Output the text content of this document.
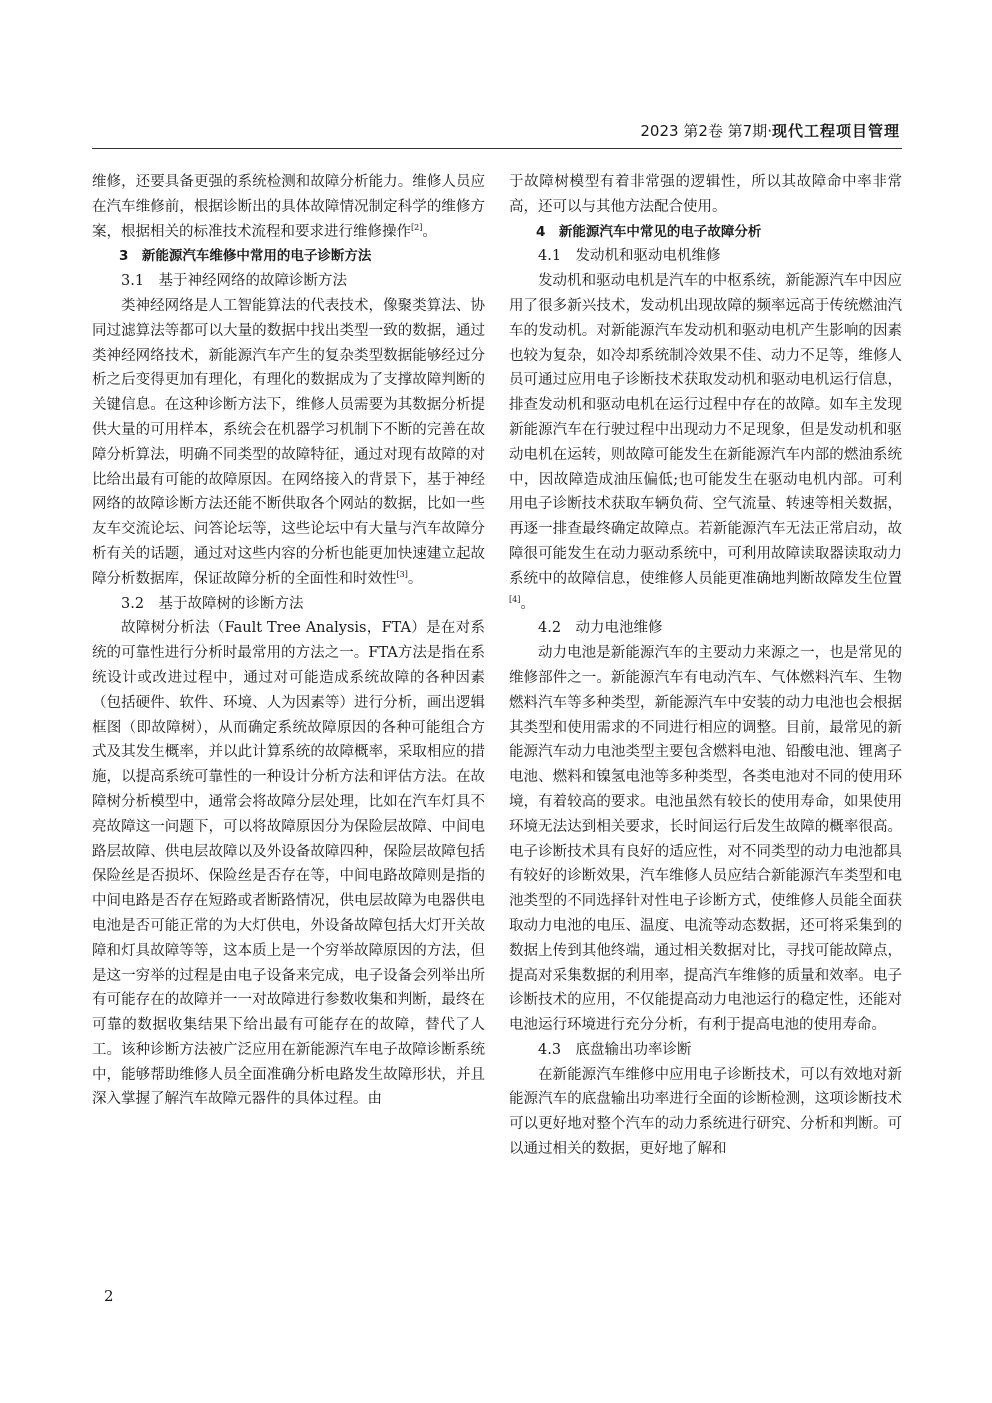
2023 第2卷 第7期·现代工程项目管理

维修，还要具备更强的系统检测和故障分析能力。维修人员应在汽车维修前，根据诊断出的具体故障情况制定科学的维修方案，根据相关的标准技术流程和要求进行维修操作[2]。

3　新能源汽车维修中常用的电子诊断方法
3.1　基于神经网络的故障诊断方法

类神经网络是人工智能算法的代表技术，像聚类算法、协同过滤算法等都可以大量的数据中找出类型一致的数据，通过类神经网络技术，新能源汽车产生的复杂类型数据能够经过分析之后变得更加有理化，有理化的数据成为了支撑故障判断的关键信息。在这种诊断方法下，维修人员需要为其数据分析提供大量的可用样本，系统会在机器学习机制下不断的完善在故障分析算法，明确不同类型的故障特征，通过对现有故障的对比给出最有可能的故障原因。在网络接入的背景下，基于神经网络的故障诊断方法还能不断供取各个网站的数据，比如一些友车交流论坛、问答论坛等，这些论坛中有大量与汽车故障分析有关的话题，通过对这些内容的分析也能更加快速建立起故障分析数据库，保证故障分析的全面性和时效性[3]。

3.2　基于故障树的诊断方法

故障树分析法（Fault Tree Analysis，FTA）是在对系统的可靠性进行分析时最常用的方法之一。FTA方法是指在系统设计或改进过程中，通过对可能造成系统故障的各种因素（包括硬件、软件、环境、人为因素等）进行分析，画出逻辑框图（即故障树），从而确定系统故障原因的各种可能组合方式及其发生概率，并以此计算系统的故障概率，采取相应的措施，以提高系统可靠性的一种设计分析方法和评估方法。在故障树分析模型中，通常会将故障分层处理，比如在汽车灯具不亮故障这一问题下，可以将故障原因分为保险层故障、中间电路层故障、供电层故障以及外设备故障四种，保险层故障包括保险丝是否损坏、保险丝是否存在等，中间电路故障则是指的中间电路是否存在短路或者断路情况，供电层故障为电器供电电池是否可能正常的为大灯供电，外设备故障包括大灯开关故障和灯具故障等等，这本质上是一个穷举故障原因的方法，但是这一穷举的过程是由电子设备来完成，电子设备会列举出所有可能存在的故障并一一对故障进行参数收集和判断，最终在可靠的数据收集结果下给出最有可能存在的故障，替代了人工。该种诊断方法被广泛应用在新能源汽车电子故障诊断系统中，能够帮助维修人员全面准确分析电路发生故障形状，并且深入掌握了解汽车故障元器件的具体过程。由

于故障树模型有着非常强的逻辑性，所以其故障命中率非常高，还可以与其他方法配合使用。

4　新能源汽车中常见的电子故障分析
4.1　发动机和驱动电机维修

发动机和驱动电机是汽车的中枢系统，新能源汽车中因应用了很多新兴技术，发动机出现故障的频率远高于传统燃油汽车的发动机。对新能源汽车发动机和驱动电机产生影响的因素也较为复杂，如冷却系统制冷效果不佳、动力不足等，维修人员可通过应用电子诊断技术获取发动机和驱动电机运行信息，排查发动机和驱动电机在运行过程中存在的故障。如车主发现新能源汽车在行驶过程中出现动力不足现象，但是发动机和驱动电机在运转，则故障可能发生在新能源汽车内部的燃油系统中，因故障造成油压偏低;也可能发生在驱动电机内部。可利用电子诊断技术获取车辆负荷、空气流量、转速等相关数据，再逐一排查最终确定故障点。若新能源汽车无法正常启动，故障很可能发生在动力驱动系统中，可利用故障读取器读取动力系统中的故障信息，使维修人员能更准确地判断故障发生位置[4]。

4.2　动力电池维修

动力电池是新能源汽车的主要动力来源之一，也是常见的维修部件之一。新能源汽车有电动汽车、气体燃料汽车、生物燃料汽车等多种类型，新能源汽车中安装的动力电池也会根据其类型和使用需求的不同进行相应的调整。目前，最常见的新能源汽车动力电池类型主要包含燃料电池、铅酸电池、锂离子电池、燃料和镍氢电池等多种类型，各类电池对不同的使用环境，有着较高的要求。电池虽然有较长的使用寿命，如果使用环境无法达到相关要求，长时间运行后发生故障的概率很高。电子诊断技术具有良好的适应性，对不同类型的动力电池都具有较好的诊断效果，汽车维修人员应结合新能源汽车类型和电池类型的不同选择针对性电子诊断方式，使维修人员能全面获取动力电池的电压、温度、电流等动态数据，还可将采集到的数据上传到其他终端，通过相关数据对比，寻找可能故障点，提高对采集数据的利用率，提高汽车维修的质量和效率。电子诊断技术的应用，不仅能提高动力电池运行的稳定性，还能对电池运行环境进行充分分析，有利于提高电池的使用寿命。

4.3　底盘输出功率诊断

在新能源汽车维修中应用电子诊断技术，可以有效地对新能源汽车的底盘输出功率进行全面的诊断检测，这项诊断技术可以更好地对整个汽车的动力系统进行研究、分析和判断。可以通过相关的数据，更好地了解和

2
